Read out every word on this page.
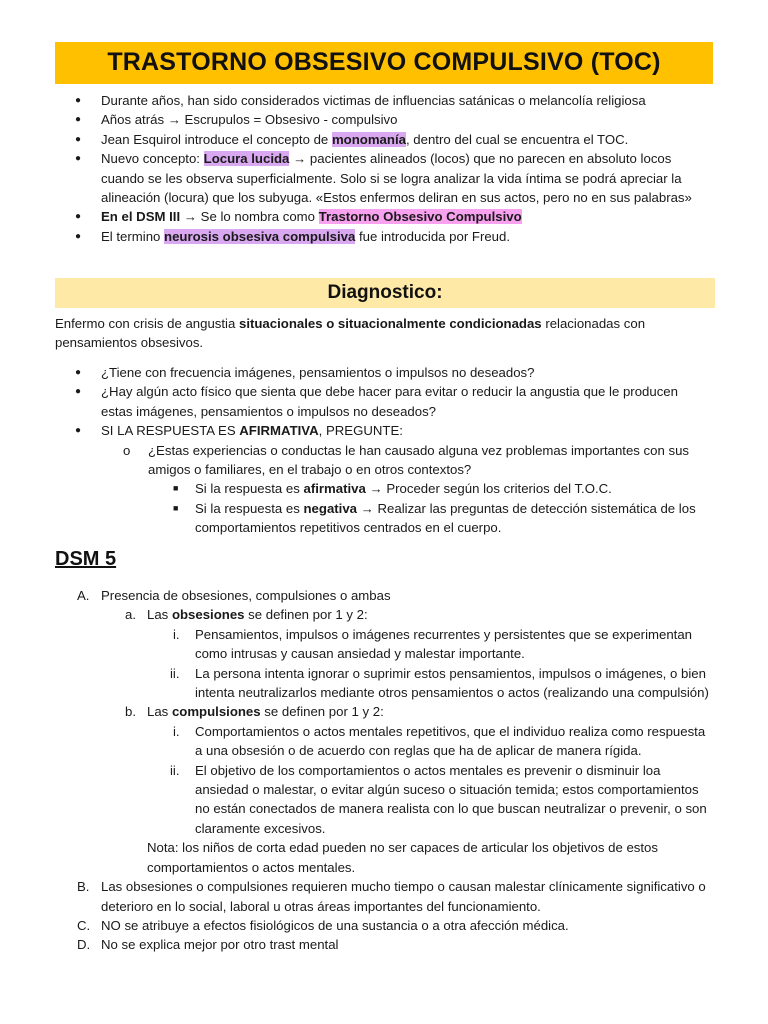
TRASTORNO OBSESIVO COMPULSIVO (TOC)
● Durante años, han sido considerados victimas de influencias satánicas o melancolía religiosa
● Años atrás → Escrupulos = Obsesivo - compulsivo
● Jean Esquirol introduce el concepto de monomanía, dentro del cual se encuentra el TOC.
● Nuevo concepto: Locura lucida → pacientes alineados (locos) que no parecen en absoluto locos cuando se les observa superficialmente. Solo si se logra analizar la vida íntima se podrá apreciar la alineación (locura) que los subyuga. «Estos enfermos deliran en sus actos, pero no en sus palabras»
● En el DSM III → Se lo nombra como Trastorno Obsesivo Compulsivo
● El termino neurosis obsesiva compulsiva fue introducida por Freud.
Diagnostico:

Enfermo con crisis de angustia situacionales o situacionalmente condicionadas relacionadas con pensamientos obsesivos.

● ¿Tiene con frecuencia imágenes, pensamientos o impulsos no deseados?
● ¿Hay algún acto físico que sienta que debe hacer para evitar o reducir la angustia que le producen estas imágenes, pensamientos o impulsos no deseados?
● SI LA RESPUESTA ES AFIRMATIVA, PREGUNTE:
o ¿Estas experiencias o conductas le han causado alguna vez problemas importantes con sus amigos o familiares, en el trabajo o en otros contextos?
■ Si la respuesta es afirmativa → Proceder según los criterios del T.O.C.
■ Si la respuesta es negativa → Realizar las preguntas de detección sistemática de los comportamientos repetitivos centrados en el cuerpo.
DSM 5
A. Presencia de obsesiones, compulsiones o ambas
a. Las obsesiones se definen por 1 y 2:
i. Pensamientos, impulsos o imágenes recurrentes y persistentes que se experimentan como intrusas y causan ansiedad y malestar importante.
ii. La persona intenta ignorar o suprimir estos pensamientos, impulsos o imágenes, o bien intenta neutralizarlos mediante otros pensamientos o actos (realizando una compulsión)
b. Las compulsiones se definen por 1 y 2:
i. Comportamientos o actos mentales repetitivos, que el individuo realiza como respuesta a una obsesión o de acuerdo con reglas que ha de aplicar de manera rígida.
ii. El objetivo de los comportamientos o actos mentales es prevenir o disminuir loa ansiedad o malestar, o evitar algún suceso o situación temida; estos comportamientos no están conectados de manera realista con lo que buscan neutralizar o prevenir, o son claramente excesivos.
Nota: los niños de corta edad pueden no ser capaces de articular los objetivos de estos comportamientos o actos mentales.
B. Las obsesiones o compulsiones requieren mucho tiempo o causan malestar clínicamente significativo o deterioro en lo social, laboral u otras áreas importantes del funcionamiento.
C. NO se atribuye a efectos fisiológicos de una sustancia o a otra afección médica.
D. No se explica mejor por otro trast mental
